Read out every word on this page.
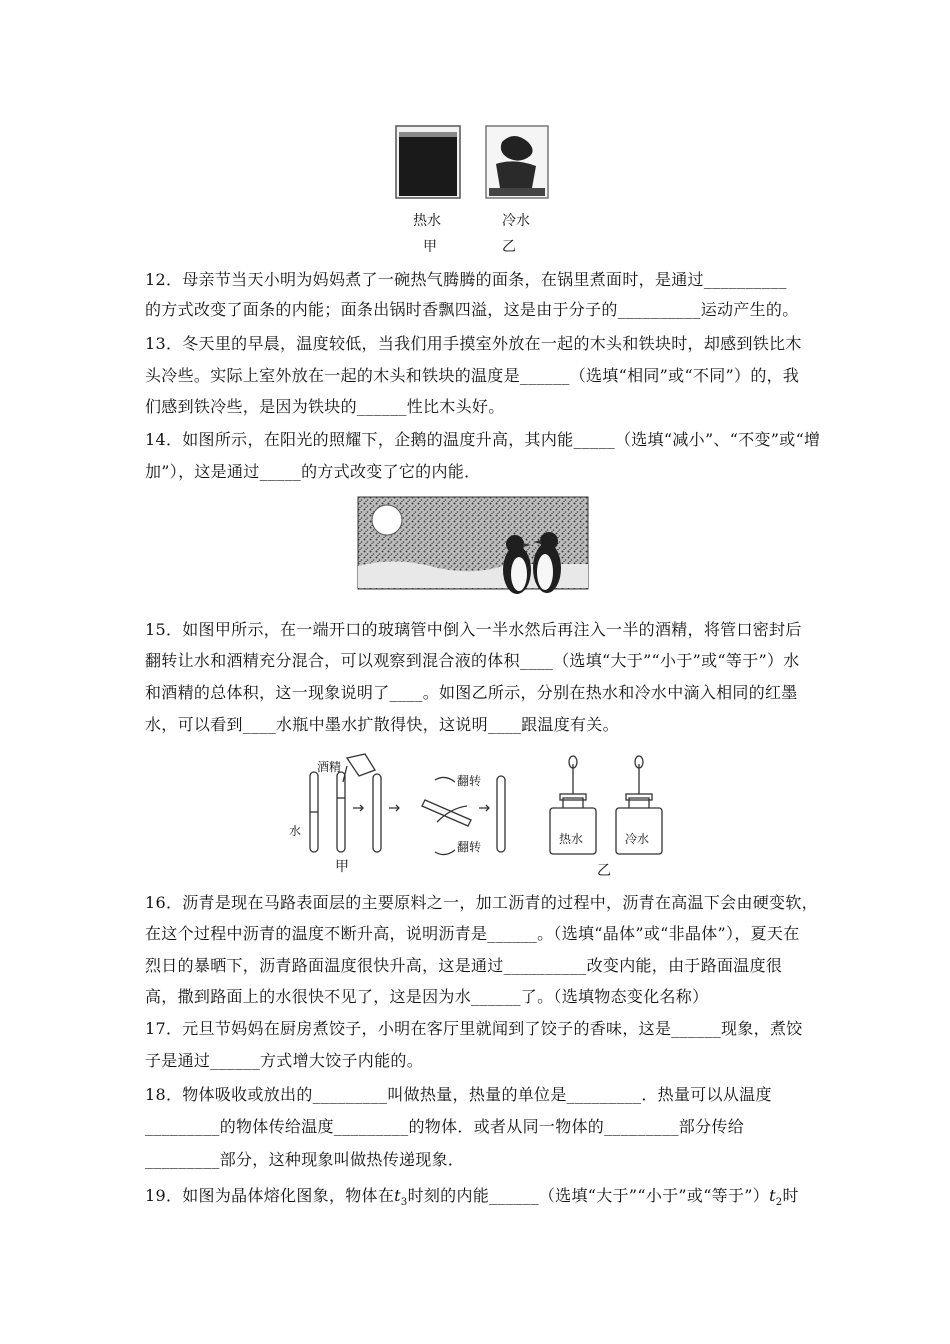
热水	冷水
甲	乙
12．母亲节当天小明为妈妈煮了一碗热气腾腾的面条，在锅里煮面时，是通过__________
的方式改变了面条的内能；面条出锅时香飘四溢，这是由于分子的__________运动产生的。
13．冬天里的早晨，温度较低，当我们用手摸室外放在一起的木头和铁块时，却感到铁比木
头冷些。实际上室外放在一起的木头和铁块的温度是______（选填“相同”或“不同”）的，我
们感到铁冷些，是因为铁块的______性比木头好。
14．如图所示，在阳光的照耀下，企鹅的温度升高，其内能_____（选填“减小”、“不变”或“增
加”），这是通过_____的方式改变了它的内能．
15．如图甲所示，在一端开口的玻璃管中倒入一半水然后再注入一半的酒精，将管口密封后
翻转让水和酒精充分混合，可以观察到混合液的体积____（选填“大于”“小于”或“等于”）水
和酒精的总体积，这一现象说明了____。如图乙所示，分别在热水和冷水中滴入相同的红墨
水，可以看到____水瓶中墨水扩散得快，这说明____跟温度有关。
酒精
水
翻转
翻转
热水	冷水
甲	乙
16．沥青是现在马路表面层的主要原料之一，加工沥青的过程中，沥青在高温下会由硬变软，
在这个过程中沥青的温度不断升高，说明沥青是______。（选填“晶体”或“非晶体”），夏天在
烈日的暴晒下，沥青路面温度很快升高，这是通过__________改变内能，由于路面温度很
高，撒到路面上的水很快不见了，这是因为水______了。（选填物态变化名称）
17．元旦节妈妈在厨房煮饺子，小明在客厅里就闻到了饺子的香味，这是______现象，煮饺
子是通过______方式增大饺子内能的。
18．物体吸收或放出的_________叫做热量，热量的单位是_________．热量可以从温度
_________的物体传给温度_________的物体．或者从同一物体的_________部分传给
_________部分，这种现象叫做热传递现象．
19．如图为晶体熔化图象，物体在$t_3$时刻的内能______（选填“大于”“小于”或“等于$”)t_2$时
